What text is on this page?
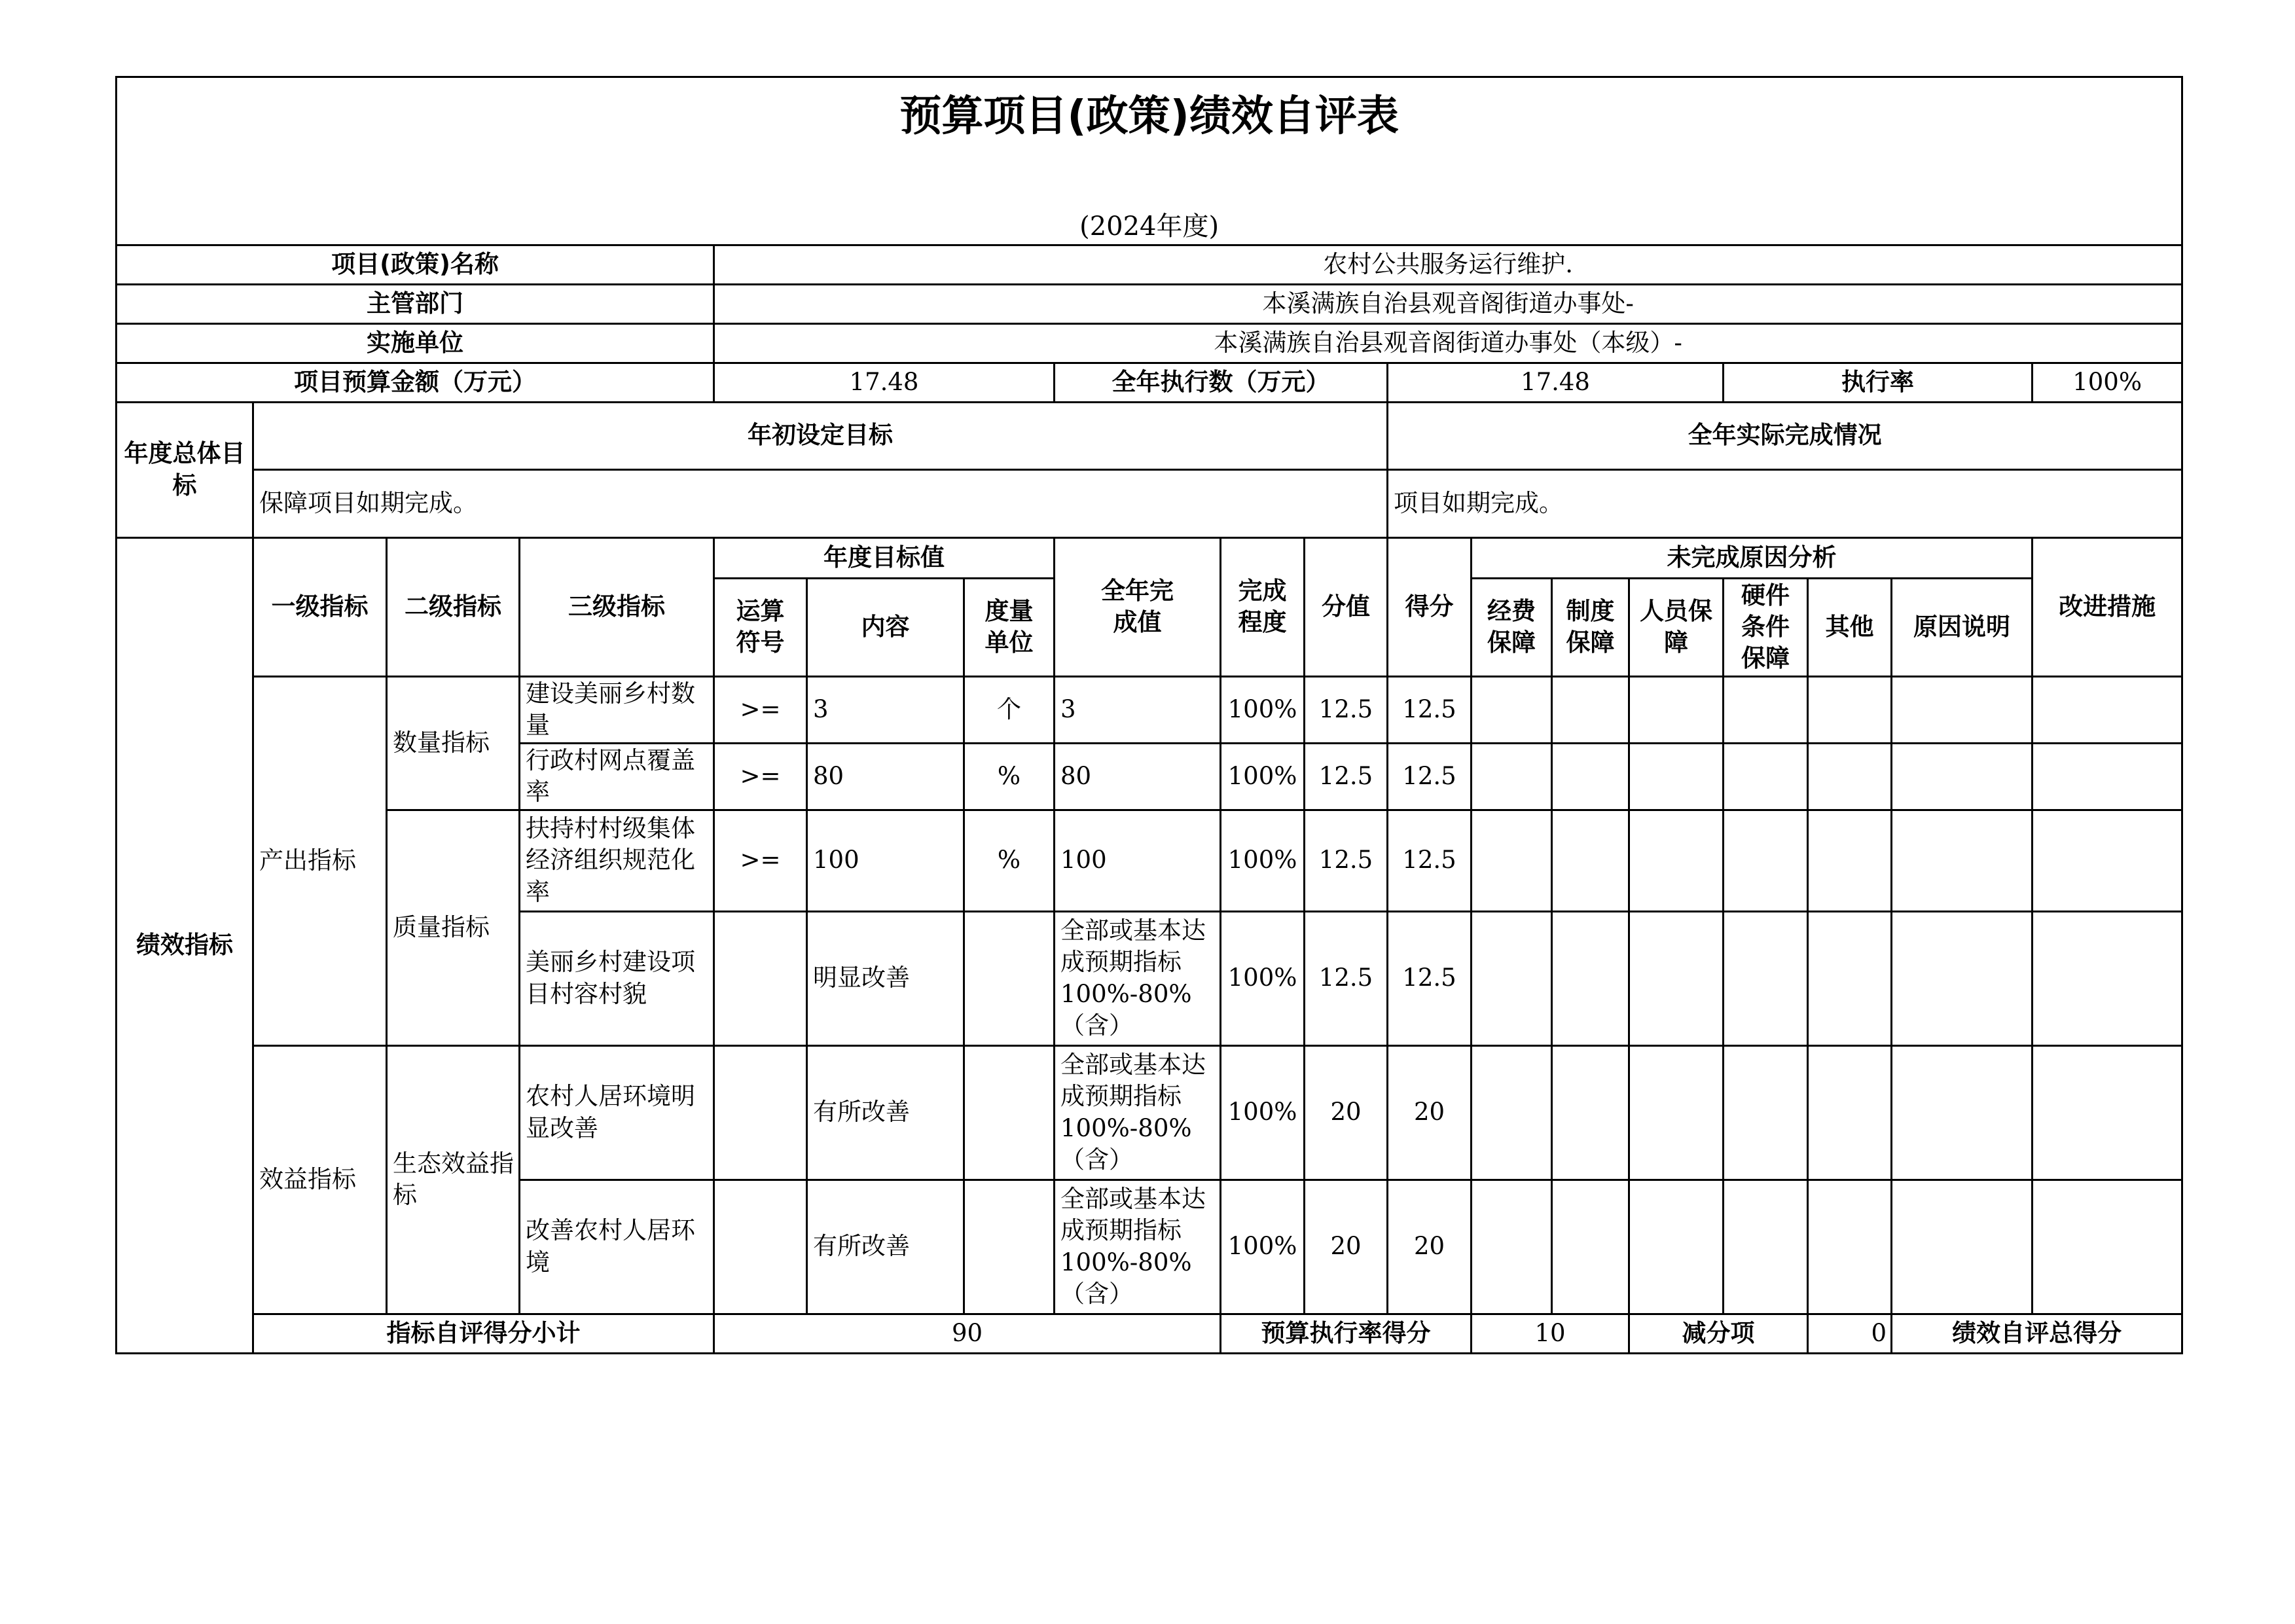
预算项目(政策)绩效自评表																		
(2024年度)																		
项目(政策)名称				农村公共服务运行维护.														
主管部门				本溪满族自治县观音阁街道办事处-														
实施单位				本溪满族自治县观音阁街道办事处（本级）-														
项目预算金额（万元）				17.48			全年执行数（万元）			17.48				执行率			100%	

年度总体目标	年初设定目标									全年实际完成情况								
	保障项目如期完成。									项目如期完成。								
绩效指标	一级指标	二级指标	三级指标	年度目标值			全年完成值	完成程度	分值	得分	未完成原因分析						改进措施	

				运算符号	内容	度量单位					经费保障	制度保障	人员保障	硬件条件保障	其他	原因说明		
	产出指标	数量指标	建设美丽乡村数量	>=	3	个	3	100%	12.5	12.5								
			行政村网点覆盖率	>=	80	%	80	100%	12.5	12.5								
		质量指标	扶持村村级集体经济组织规范化率	>=	100	%	100	100%	12.5	12.5								
			美丽乡村建设项目村容村貌		明显改善		全部或基本达成预期指标100%-80%（含）	100%	12.5	12.5								
	效益指标	生态效益指标	农村人居环境明显改善		有所改善		全部或基本达成预期指标100%-80%（含）	100%	20	20								
			改善农村人居环境		有所改善		全部或基本达成预期指标100%-80%（含）	100%	20	20								
	指标自评得分小计			90				预算执行率得分			10		减分项		0	绩效自评总得分	
